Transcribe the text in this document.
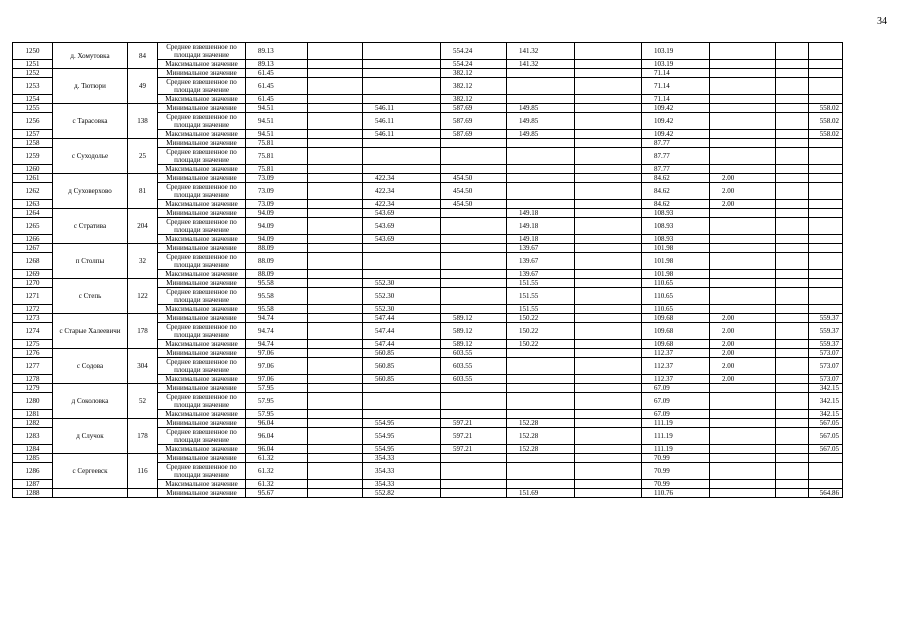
34
1250	д. Хомутовка	84	Среднее взвешенное по площади значение	89.13			554.24	141.32		103.19			
1251			Максимальное значение	89.13			554.24	141.32		103.19			
1252	д. Тютюри	49	Минимальное значение	61.45			382.12			71.14			
1253			Среднее взвешенное по площади значение	61.45			382.12			71.14			
1254			Максимальное значение	61.45			382.12			71.14			
1255	с Тарасовка	138	Минимальное значение	94.51		546.11	587.69	149.85		109.42			558.02
1256			Среднее взвешенное по площади значение	94.51		546.11	587.69	149.85		109.42			558.02
1257			Максимальное значение	94.51		546.11	587.69	149.85		109.42			558.02
1258	с Суходолье	25	Минимальное значение	75.81						87.77			
1259			Среднее взвешенное по площади значение	75.81						87.77			
1260			Максимальное значение	75.81						87.77			
1261	д Суховерхово	81	Минимальное значение	73.09		422.34	454.50			84.62	2.00		
1262			Среднее взвешенное по площади значение	73.09		422.34	454.50			84.62	2.00		
1263			Максимальное значение	73.09		422.34	454.50			84.62	2.00		
1264	с Стратива	204	Минимальное значение	94.09		543.69		149.18		108.93			
1265			Среднее взвешенное по площади значение	94.09		543.69		149.18		108.93			
1266			Максимальное значение	94.09		543.69		149.18		108.93			
1267	п Столпы	32	Минимальное значение	88.09				139.67		101.98			
1268			Среднее взвешенное по площади значение	88.09				139.67		101.98			
1269			Максимальное значение	88.09				139.67		101.98			
1270	с Степь	122	Минимальное значение	95.58		552.30		151.55		110.65			
1271			Среднее взвешенное по площади значение	95.58		552.30		151.55		110.65			
1272			Максимальное значение	95.58		552.30		151.55		110.65			
1273	с Старые Халеевичи	178	Минимальное значение	94.74		547.44	589.12	150.22		109.68	2.00		559.37
1274			Среднее взвешенное по площади значение	94.74		547.44	589.12	150.22		109.68	2.00		559.37
1275			Максимальное значение	94.74		547.44	589.12	150.22		109.68	2.00		559.37
1276	с Содова	304	Минимальное значение	97.06		560.85	603.55			112.37	2.00		573.07
1277			Среднее взвешенное по площади значение	97.06		560.85	603.55			112.37	2.00		573.07
1278			Максимальное значение	97.06		560.85	603.55			112.37	2.00		573.07
1279	д Соколовка	52	Минимальное значение	57.95						67.09			342.15
1280			Среднее взвешенное по площади значение	57.95						67.09			342.15
1281			Максимальное значение	57.95						67.09			342.15
1282	д Случок	178	Минимальное значение	96.04		554.95	597.21	152.28		111.19			567.05
1283			Среднее взвешенное по площади значение	96.04		554.95	597.21	152.28		111.19			567.05
1284			Максимальное значение	96.04		554.95	597.21	152.28		111.19			567.05
1285	с Сергеевск	116	Минимальное значение	61.32		354.33				70.99			
1286			Среднее взвешенное по площади значение	61.32		354.33				70.99			
1287			Максимальное значение	61.32		354.33				70.99			
1288			Минимальное значение	95.67		552.82		151.69		110.76			564.86
